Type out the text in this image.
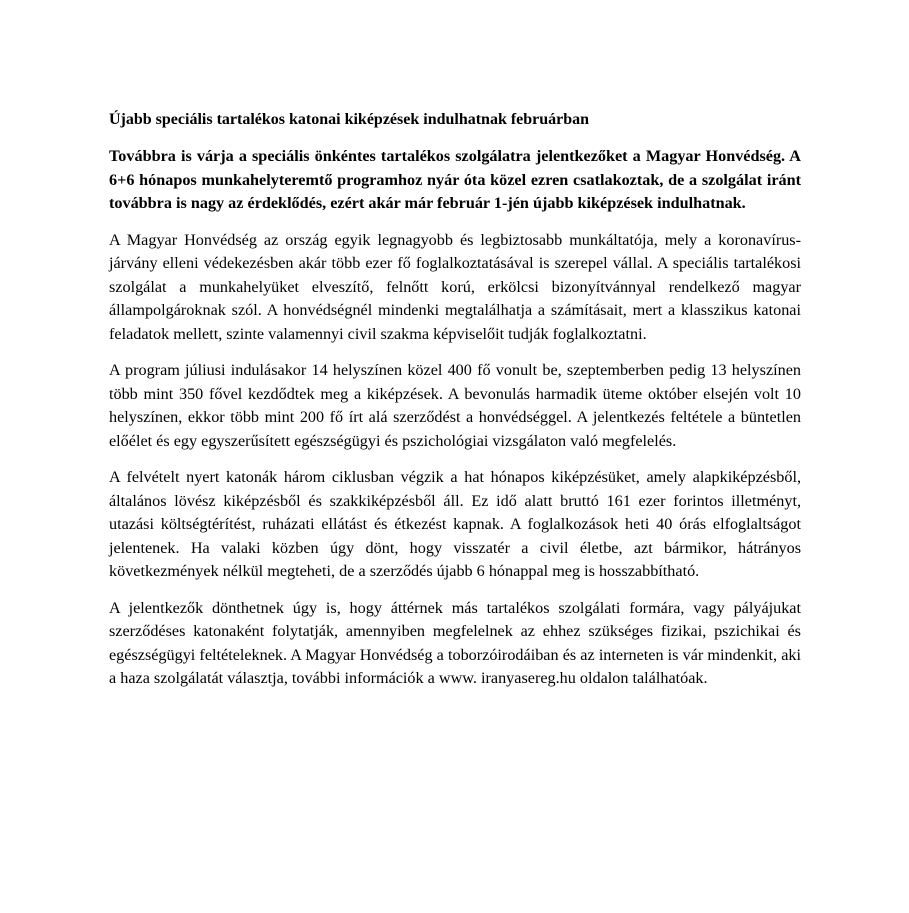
Újabb speciális tartalékos katonai kiképzések indulhatnak februárban
Továbbra is várja a speciális önkéntes tartalékos szolgálatra jelentkezőket a Magyar Honvédség. A 6+6 hónapos munkahelyteremtő programhoz nyár óta közel ezren csatlakoztak, de a szolgálat iránt továbbra is nagy az érdeklődés, ezért akár már február 1-jén újabb kiképzések indulhatnak.
A Magyar Honvédség az ország egyik legnagyobb és legbiztosabb munkáltatója, mely a koronavírus-járvány elleni védekezésben akár több ezer fő foglalkoztatásával is szerepel vállal. A speciális tartalékosi szolgálat a munkahelyüket elveszítő, felnőtt korú, erkölcsi bizonyítvánnyal rendelkező magyar állampolgároknak szól. A honvédségnél mindenki megtalálhatja a számításait, mert a klasszikus katonai feladatok mellett, szinte valamennyi civil szakma képviselőit tudják foglalkoztatni.
A program júliusi indulásakor 14 helyszínen közel 400 fő vonult be, szeptemberben pedig 13 helyszínen több mint 350 fővel kezdődtek meg a kiképzések. A bevonulás harmadik üteme október elsején volt 10 helyszínen, ekkor több mint 200 fő írt alá szerződést a honvédséggel. A jelentkezés feltétele a büntetlen előélet és egy egyszerűsített egészségügyi és pszichológiai vizsgálaton való megfelelés.
A felvételt nyert katonák három ciklusban végzik a hat hónapos kiképzésüket, amely alapkiképzésből, általános lövész kiképzésből és szakkiképzésből áll. Ez idő alatt bruttó 161 ezer forintos illetményt, utazási költségtérítést, ruházati ellátást és étkezést kapnak. A foglalkozások heti 40 órás elfoglaltságot jelentenek. Ha valaki közben úgy dönt, hogy visszatér a civil életbe, azt bármikor, hátrányos következmények nélkül megteheti, de a szerződés újabb 6 hónappal meg is hosszabbítható.
A jelentkezők dönthetnek úgy is, hogy áttérnek más tartalékos szolgálati formára, vagy pályájukat szerződéses katonaként folytatják, amennyiben megfelelnek az ehhez szükséges fizikai, pszichikai és egészségügyi feltételeknek. A Magyar Honvédség a toborzóirodáiban és az interneten is vár mindenkit, aki a haza szolgálatát választja, további információk a www. iranyasereg.hu oldalon találhatóak.
